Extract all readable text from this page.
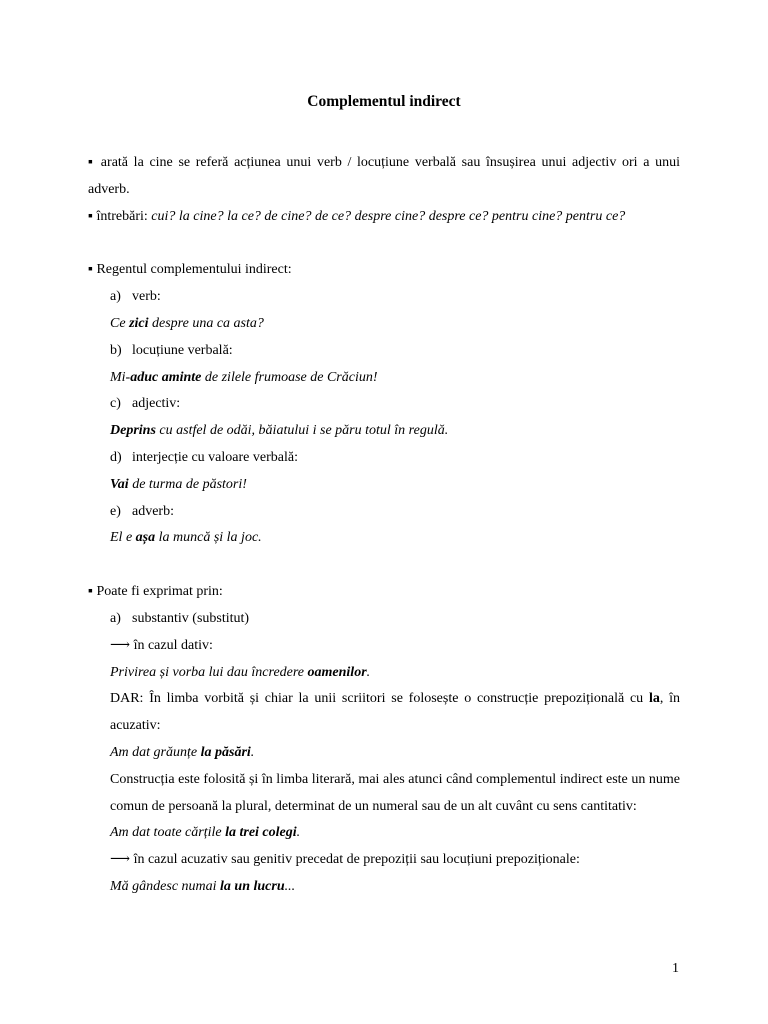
Complementul indirect

▪ arată la cine se referă acțiunea unui verb / locuțiune verbală sau însușirea unui adjectiv ori a unui adverb.

▪ întrebări: cui? la cine? la ce? de cine? de ce? despre cine? despre ce? pentru cine? pentru ce?

▪ Regentul complementului indirect:

a) verb:

Ce zici despre una ca asta?

b) locuțiune verbală:

Mi-aduc aminte de zilele frumoase de Crăciun!

c) adjectiv:

Deprins cu astfel de odăi, băiatului i se păru totul în regulă.

d) interjecție cu valoare verbală:

Vai de turma de păstori!

e) adverb:

El e așa la muncă și la joc.

▪ Poate fi exprimat prin:

a) substantiv (substitut)

⟶ în cazul dativ:

Privirea și vorba lui dau încredere oamenilor.

DAR: În limba vorbită și chiar la unii scriitori se folosește o construcție prepozițională cu la, în acuzativ:

Am dat grăunțe la păsări.

Construcția este folosită și în limba literară, mai ales atunci când complementul indirect este un nume comun de persoană la plural, determinat de un numeral sau de un alt cuvânt cu sens cantitativ:

Am dat toate cărțile la trei colegi.

⟶ în cazul acuzativ sau genitiv precedat de prepoziții sau locuțiuni prepoziționale:

Mă gândesc numai la un lucru...

1
